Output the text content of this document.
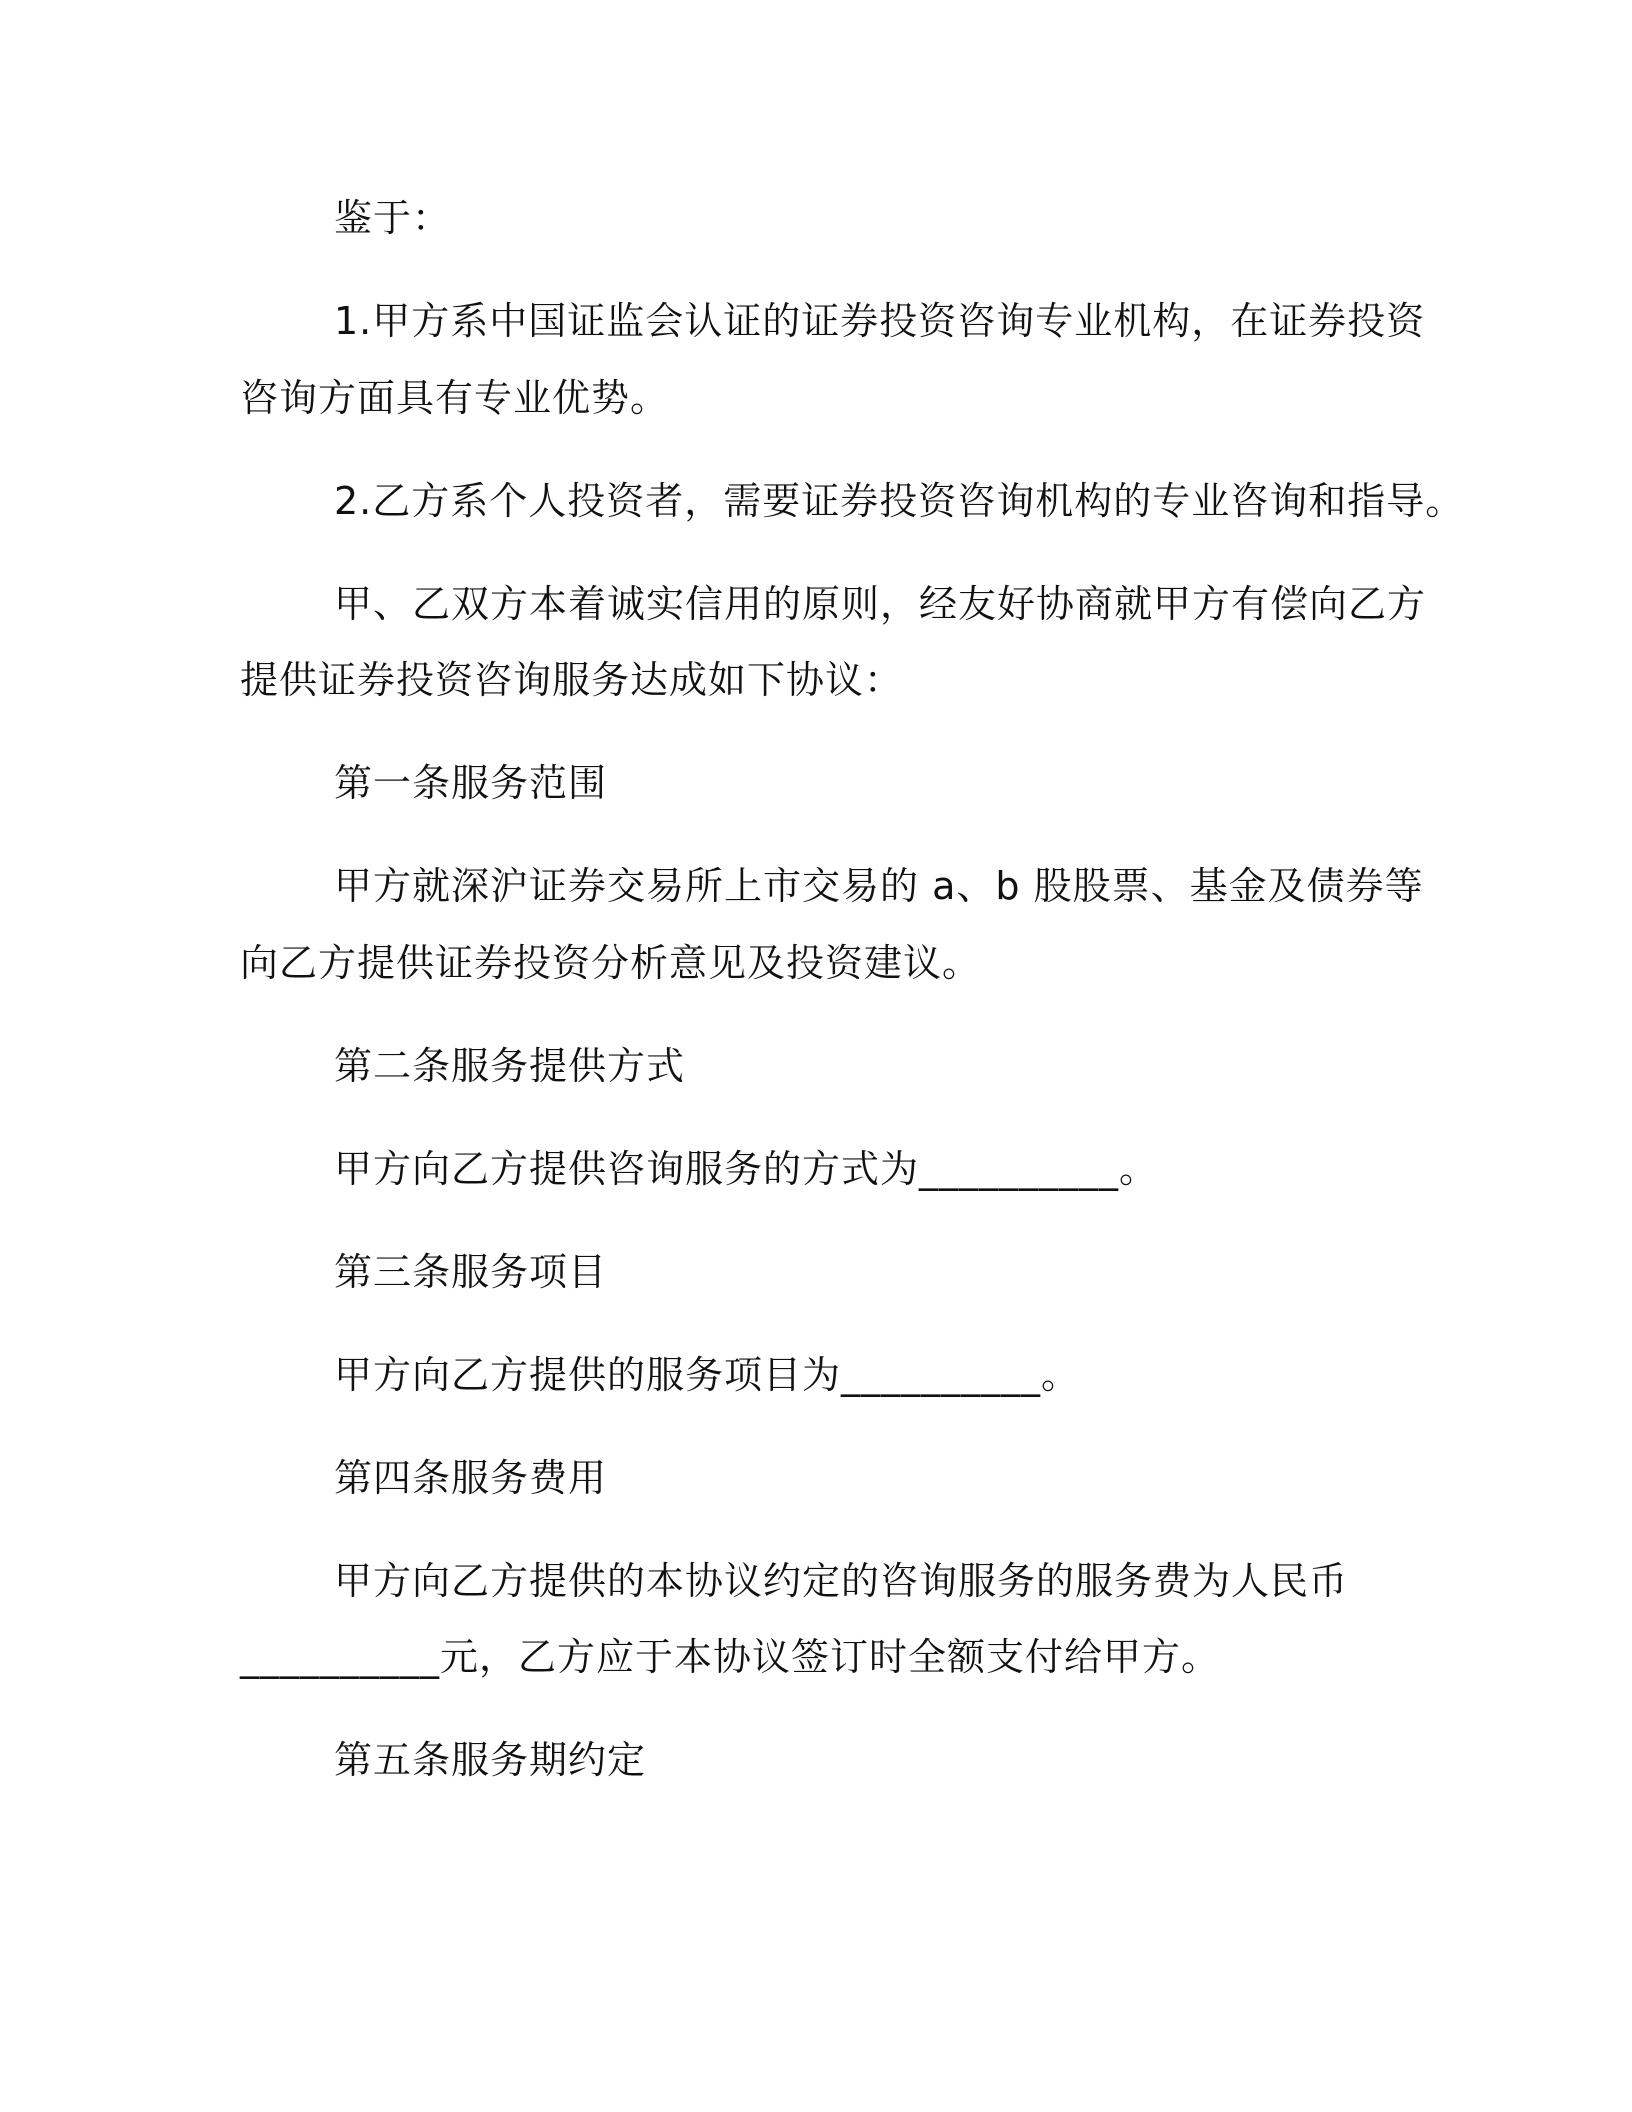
鉴于：
1.甲方系中国证监会认证的证券投资咨询专业机构，在证券投资
咨询方面具有专业优势。
2.乙方系个人投资者，需要证券投资咨询机构的专业咨询和指导。
甲、乙双方本着诚实信用的原则，经友好协商就甲方有偿向乙方
提供证券投资咨询服务达成如下协议：
第一条服务范围
甲方就深沪证券交易所上市交易的 a、b 股股票、基金及债券等
向乙方提供证券投资分析意见及投资建议。
第二条服务提供方式
甲方向乙方提供咨询服务的方式为__________。
第三条服务项目
甲方向乙方提供的服务项目为__________。
第四条服务费用
甲方向乙方提供的本协议约定的咨询服务的服务费为人民币
__________元，乙方应于本协议签订时全额支付给甲方。
第五条服务期约定
